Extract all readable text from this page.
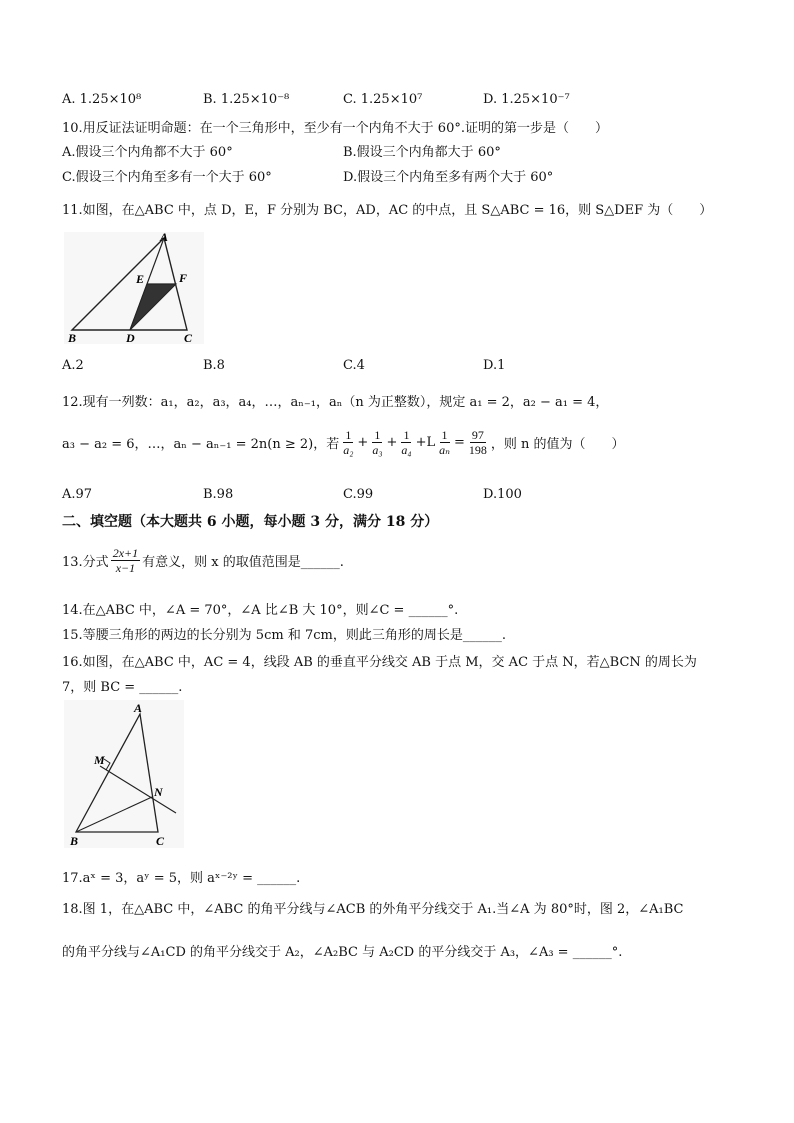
A. 1.25×10⁸	B. 1.25×10⁻⁸	C. 1.25×10⁷	D. 1.25×10⁻⁷
10.用反证法证明命题：在一个三角形中，至少有一个内角不大于 60°.证明的第一步是（　　）
A.假设三个内角都不大于 60°	B.假设三个内角都大于 60°
C.假设三个内角至多有一个大于 60°	D.假设三个内角至多有两个大于 60°
11.如图，在△ABC 中，点 D，E，F 分别为 BC，AD，AC 的中点，且 S△ABC = 16，则 S△DEF 为（　　）
A
E	F
B	D	C
A.2	B.8	C.4	D.1
12.现有一列数：a₁，a₂，a₃，a₄，…，aₙ₋₁，aₙ（n 为正整数），规定 a₁ = 2，a₂ − a₁ = 4，
a₃ − a₂ = 6，…，aₙ − aₙ₋₁ = 2n(n ≥ 2)，若 $\frac{1}{\text{a₂}} + \frac{1}{\text{a₃}} + \frac{1}{\text{a₄}} +L \frac{1}{\text{aₙ}} = \frac{97}{198}$ ，则 n 的值为（　　）
A.97	B.98	C.99	D.100
二、填空题（本大题共 6 小题，每小题 3 分，满分 18 分）
13.分式 $\frac{2x+1}{x-1}$ 有意义，则 x 的取值范围是______.
14.在△ABC 中，∠A = 70°，∠A 比∠B 大 10°，则∠C = ______°.
15.等腰三角形的两边的长分别为 5cm 和 7cm，则此三角形的周长是______.
16.如图，在△ABC 中，AC = 4，线段 AB 的垂直平分线交 AB 于点 M，交 AC 于点 N，若△BCN 的周长为
7，则 BC = ______.
A
M
N
B	C
17.aˣ = 3，aʸ = 5，则 aˣ⁻²ʸ = ______.
18.图 1，在△ABC 中，∠ABC 的角平分线与∠ACB 的外角平分线交于 A₁.当∠A 为 80°时，图 2，∠A₁BC
的角平分线与∠A₁CD 的角平分线交于 A₂，∠A₂BC 与 A₂CD 的平分线交于 A₃，∠A₃ = ______°.
